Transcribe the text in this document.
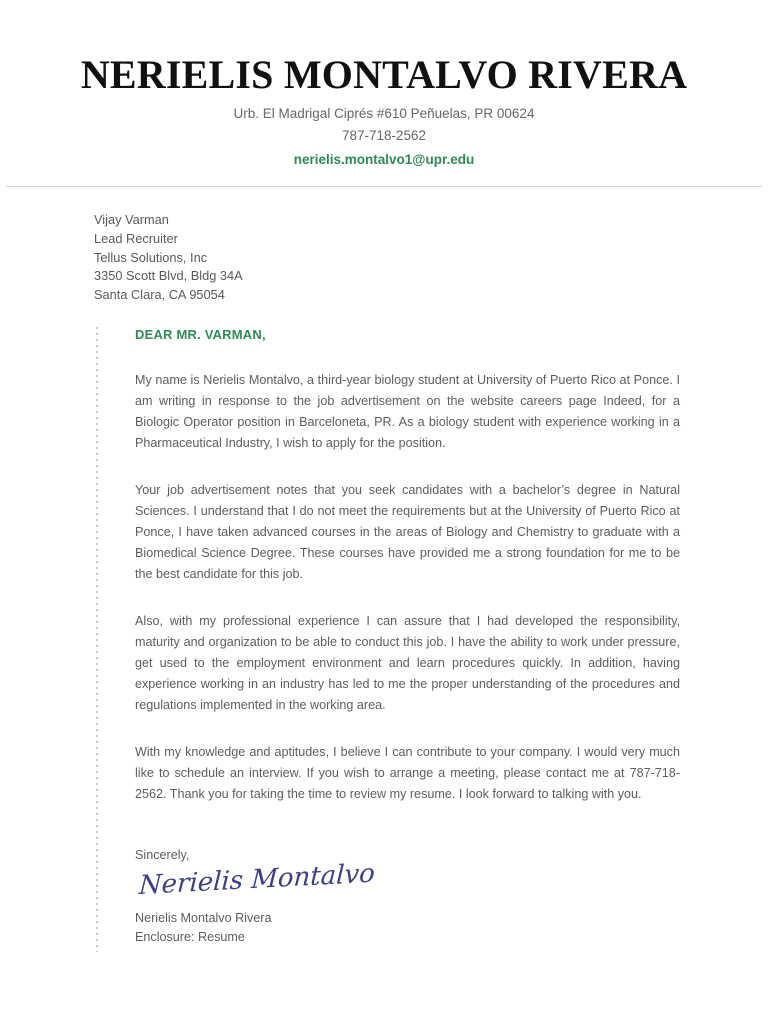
NERIELIS MONTALVO RIVERA

Urb. El Madrigal Ciprés #610 Peñuelas, PR 00624

787-718-2562

nerielis.montalvo1@upr.edu

Vijay Varman
Lead Recruiter
Tellus Solutions, Inc
3350 Scott Blvd, Bldg 34A
Santa Clara, CA 95054

DEAR MR. VARMAN,

My name is Nerielis Montalvo, a third-year biology student at University of Puerto Rico at Ponce. I am writing in response to the job advertisement on the website careers page Indeed, for a Biologic Operator position in Barceloneta, PR. As a biology student with experience working in a Pharmaceutical Industry, I wish to apply for the position.

Your job advertisement notes that you seek candidates with a bachelor’s degree in Natural Sciences. I understand that I do not meet the requirements but at the University of Puerto Rico at Ponce, I have taken advanced courses in the areas of Biology and Chemistry to graduate with a Biomedical Science Degree. These courses have provided me a strong foundation for me to be the best candidate for this job.

Also, with my professional experience I can assure that I had developed the responsibility, maturity and organization to be able to conduct this job. I have the ability to work under pressure, get used to the employment environment and learn procedures quickly. In addition, having experience working in an industry has led to me the proper understanding of the procedures and regulations implemented in the working area.

With my knowledge and aptitudes, I believe I can contribute to your company. I would very much like to schedule an interview. If you wish to arrange a meeting, please contact me at 787-718-2562. Thank you for taking the time to review my resume. I look forward to talking with you.

Sincerely,

Nerielis Montalvo

Nerielis Montalvo Rivera

Enclosure: Resume
